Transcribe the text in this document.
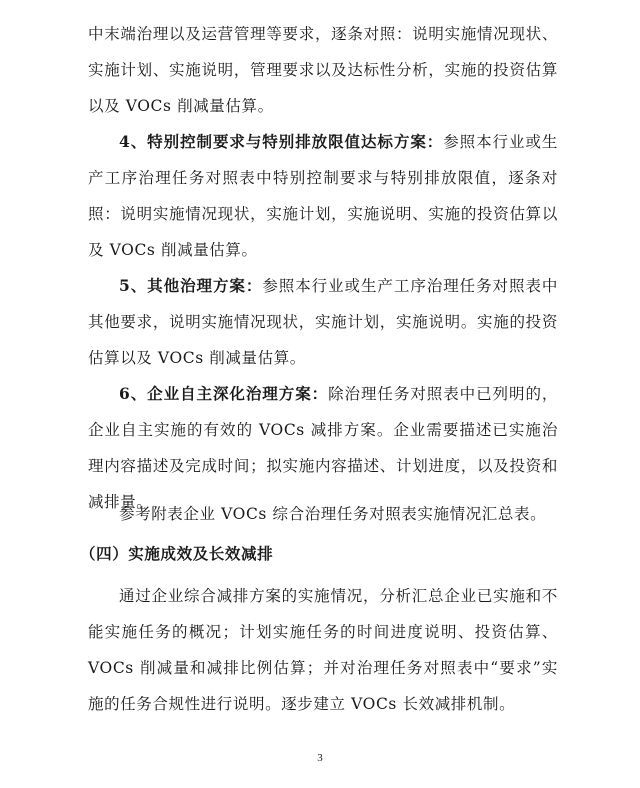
中末端治理以及运营管理等要求，逐条对照：说明实施情况现状、实施计划、实施说明，管理要求以及达标性分析，实施的投资估算以及 VOCs 削减量估算。

4、特别控制要求与特别排放限值达标方案：参照本行业或生产工序治理任务对照表中特别控制要求与特别排放限值，逐条对照：说明实施情况现状，实施计划，实施说明、实施的投资估算以及 VOCs 削减量估算。

5、其他治理方案：参照本行业或生产工序治理任务对照表中其他要求，说明实施情况现状，实施计划，实施说明。实施的投资估算以及 VOCs 削减量估算。

6、企业自主深化治理方案：除治理任务对照表中已列明的，企业自主实施的有效的 VOCs 减排方案。企业需要描述已实施治理内容描述及完成时间；拟实施内容描述、计划进度，以及投资和减排量。

参考附表企业 VOCs 综合治理任务对照表实施情况汇总表。

（四）实施成效及长效减排

通过企业综合减排方案的实施情况，分析汇总企业已实施和不能实施任务的概况；计划实施任务的时间进度说明、投资估算、VOCs 削减量和减排比例估算；并对治理任务对照表中“要求”实施的任务合规性进行说明。逐步建立 VOCs 长效减排机制。

3
